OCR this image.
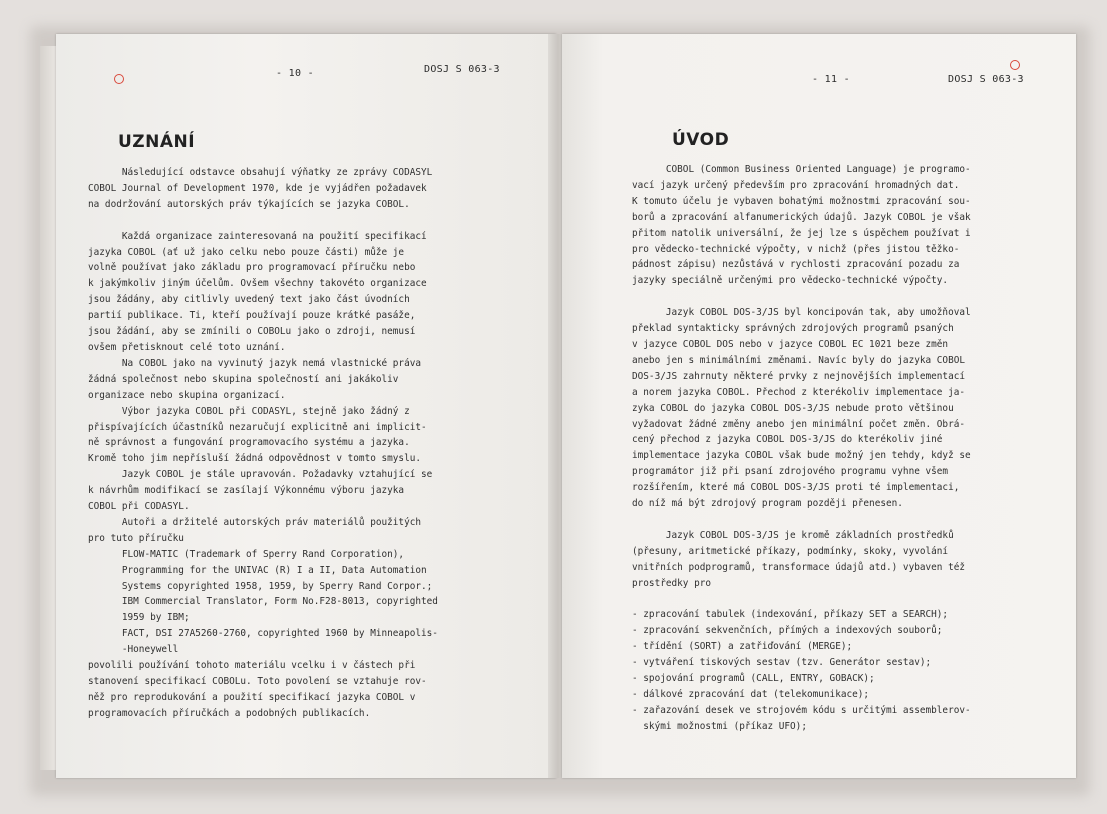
- 10 -	DOSJ S 063-3
UZNÁNÍ
Následující odstavce obsahují výňatky ze zprávy CODASYL
COBOL Journal of Development 1970, kde je vyjádřen požadavek
na dodržování autorských práv týkajících se jazyka COBOL.

Každá organizace zainteresovaná na použití specifikací
jazyka COBOL (ať už jako celku nebo pouze části) může je
volně používat jako základu pro programovací příručku nebo
k jakýmkoliv jiným účelům. Ovšem všechny takovéto organizace
jsou žádány, aby citlivly uvedený text jako část úvodních
partií publikace. Ti, kteří používají pouze krátké pasáže,
jsou žádání, aby se zmínili o COBOLu jako o zdroji, nemusí
ovšem přetisknout celé toto uznání.
Na COBOL jako na vyvinutý jazyk nemá vlastnické práva
žádná společnost nebo skupina společností ani jakákoliv
organizace nebo skupina organizací.
Výbor jazyka COBOL při CODASYL, stejně jako žádný z
přispívajících účastníků nezaručují explicitně ani implicit-
ně správnost a fungování programovacího systému a jazyka.
Kromě toho jim nepřísluší žádná odpovědnost v tomto smyslu.
Jazyk COBOL je stále upravován. Požadavky vztahující se
k návrhům modifikací se zasílají Výkonnému výboru jazyka
COBOL při CODASYL.
Autoři a držitelé autorských práv materiálů použitých
pro tuto příručku
FLOW-MATIC (Trademark of Sperry Rand Corporation),
Programming for the UNIVAC (R) I a II, Data Automation
Systems copyrighted 1958, 1959, by Sperry Rand Corpor.;
IBM Commercial Translator, Form No.F28-8013, copyrighted
1959 by IBM;
FACT, DSI 27A5260-2760, copyrighted 1960 by Minneapolis-
-Honeywell
povolili používání tohoto materiálu vcelku i v částech při
stanovení specifikací COBOLu. Toto povolení se vztahuje rov-
něž pro reprodukování a použití specifikací jazyka COBOL v
programovacích příručkách a podobných publikacích.
- 11 -	DOSJ S 063-3
ÚVOD
COBOL (Common Business Oriented Language) je programo-
vací jazyk určený především pro zpracování hromadných dat.
K tomuto účelu je vybaven bohatými možnostmi zpracování sou-
borů a zpracování alfanumerických údajů. Jazyk COBOL je však
přitom natolik universální, že jej lze s úspěchem používat i
pro vědecko-technické výpočty, v nichž (přes jistou těžko-
pádnost zápisu) nezůstává v rychlosti zpracování pozadu za
jazyky speciálně určenými pro vědecko-technické výpočty.

Jazyk COBOL DOS-3/JS byl koncipován tak, aby umožňoval
překlad syntakticky správných zdrojových programů psaných
v jazyce COBOL DOS nebo v jazyce COBOL EC 1021 beze změn
anebo jen s minimálními změnami. Navíc byly do jazyka COBOL
DOS-3/JS zahrnuty některé prvky z nejnovějších implementací
a norem jazyka COBOL. Přechod z kterékoliv implementace ja-
zyka COBOL do jazyka COBOL DOS-3/JS nebude proto většinou
vyžadovat žádné změny anebo jen minimální počet změn. Obrá-
cený přechod z jazyka COBOL DOS-3/JS do kterékoliv jiné
implementace jazyka COBOL však bude možný jen tehdy, když se
programátor již při psaní zdrojového programu vyhne všem
rozšířením, které má COBOL DOS-3/JS proti té implementaci,
do níž má být zdrojový program později přenesen.

Jazyk COBOL DOS-3/JS je kromě základních prostředků
(přesuny, aritmetické příkazy, podmínky, skoky, vyvolání
vnitřních podprogramů, transformace údajů atd.) vybaven též
prostředky pro

- zpracování tabulek (indexování, příkazy SET a SEARCH);
- zpracování sekvenčních, přímých a indexových souborů;
- třídění (SORT) a zatřiďování (MERGE);
- vytváření tiskových sestav (tzv. Generátor sestav);
- spojování programů (CALL, ENTRY, GOBACK);
- dálkové zpracování dat (telekomunikace);
- zařazování desek ve strojovém kódu s určitými assemblerov-
skými možnostmi (příkaz UFO);
